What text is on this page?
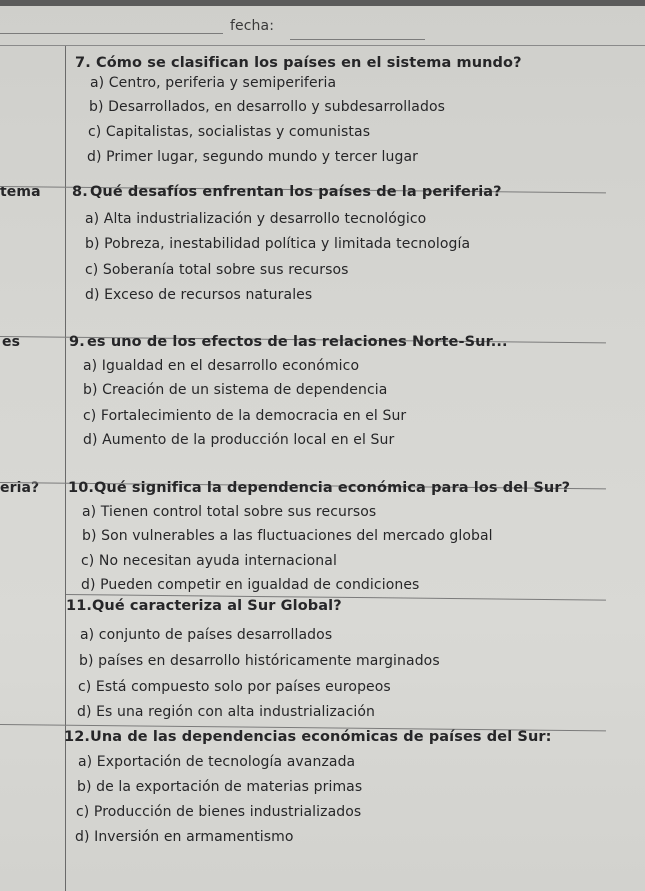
fecha:
tema
es
eria?
7. Cómo se clasifican los países en el sistema mundo?
a) Centro, periferia y semiperiferia
b) Desarrollados, en desarrollo y subdesarrollados
c) Capitalistas, socialistas y comunistas
d) Primer lugar, segundo mundo y tercer lugar
8. Qué desafíos enfrentan los países de la periferia?
a) Alta industrialización y desarrollo tecnológico
b) Pobreza, inestabilidad política y limitada tecnología
c) Soberanía total sobre sus recursos
d) Exceso de recursos naturales
9. es uno de los efectos de las relaciones Norte-Sur...
a) Igualdad en el desarrollo económico
b) Creación de un sistema de dependencia
c) Fortalecimiento de la democracia en el Sur
d) Aumento de la producción local en el Sur
10. Qué significa la dependencia económica para los del Sur?
a) Tienen control total sobre sus recursos
b) Son vulnerables a las fluctuaciones del mercado global
c) No necesitan ayuda internacional
d) Pueden competir en igualdad de condiciones
11. Qué caracteriza al Sur Global?
a) conjunto de países desarrollados
b) países en desarrollo históricamente marginados
c) Está compuesto solo por países europeos
d) Es una región con alta industrialización
12. Una de las dependencias económicas de países del Sur:
a) Exportación de tecnología avanzada
b) de la exportación de materias primas
c) Producción de bienes industrializados
d) Inversión en armamentismo
